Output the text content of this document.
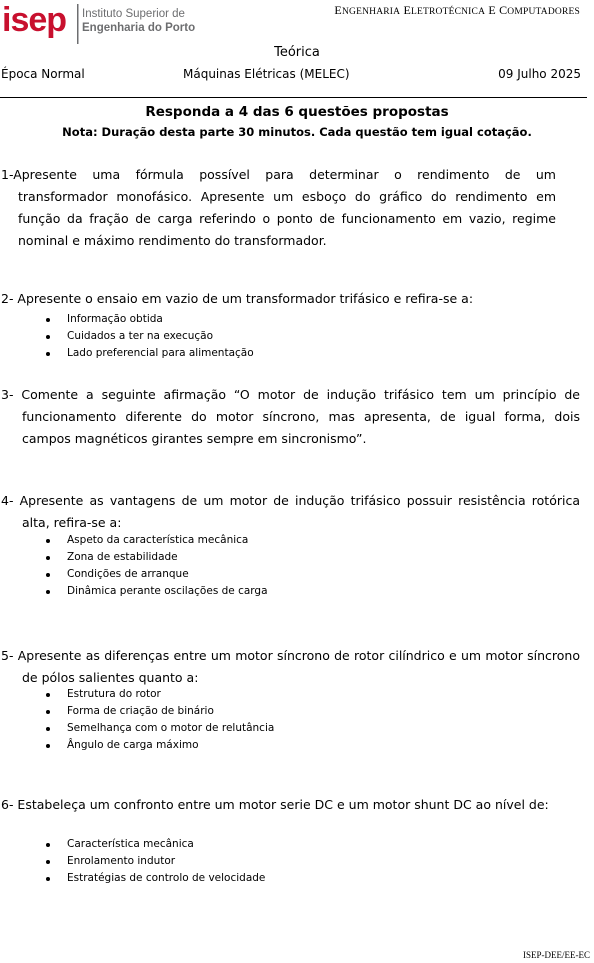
isep Instituto Superior de
Engenharia do Porto
ENGENHARIA ELETROTÉCNICA E COMPUTADORES
Teórica
Época Normal	Máquinas Elétricas (MELEC)	09 Julho 2025
Responda a 4 das 6 questões propostas
Nota: Duração desta parte 30 minutos. Cada questão tem igual cotação.
1-Apresente uma fórmula possível para determinar o rendimento de um
transformador monofásico. Apresente um esboço do gráfico do rendimento em função da fração de carga referindo o ponto de funcionamento em vazio, regime nominal e máximo rendimento do transformador.
2- Apresente o ensaio em vazio de um transformador trifásico e refira-se a:
Informação obtida
Cuidados a ter na execução
Lado preferencial para alimentação
3- Comente a seguinte afirmação “O motor de indução trifásico tem um princípio de funcionamento diferente do motor síncrono, mas apresenta, de igual forma, dois campos magnéticos girantes sempre em sincronismo”.
4- Apresente as vantagens de um motor de indução trifásico possuir resistência rotórica alta, refira-se a:
Aspeto da característica mecânica
Zona de estabilidade
Condições de arranque
Dinâmica perante oscilações de carga
5- Apresente as diferenças entre um motor síncrono de rotor cilíndrico e um motor síncrono de pólos salientes quanto a:
Estrutura do rotor
Forma de criação de binário
Semelhança com o motor de relutância
Ângulo de carga máximo
6- Estabeleça um confronto entre um motor serie DC e um motor shunt DC ao nível de:
Característica mecânica
Enrolamento indutor
Estratégias de controlo de velocidade
ISEP-DEE/EE-EC
